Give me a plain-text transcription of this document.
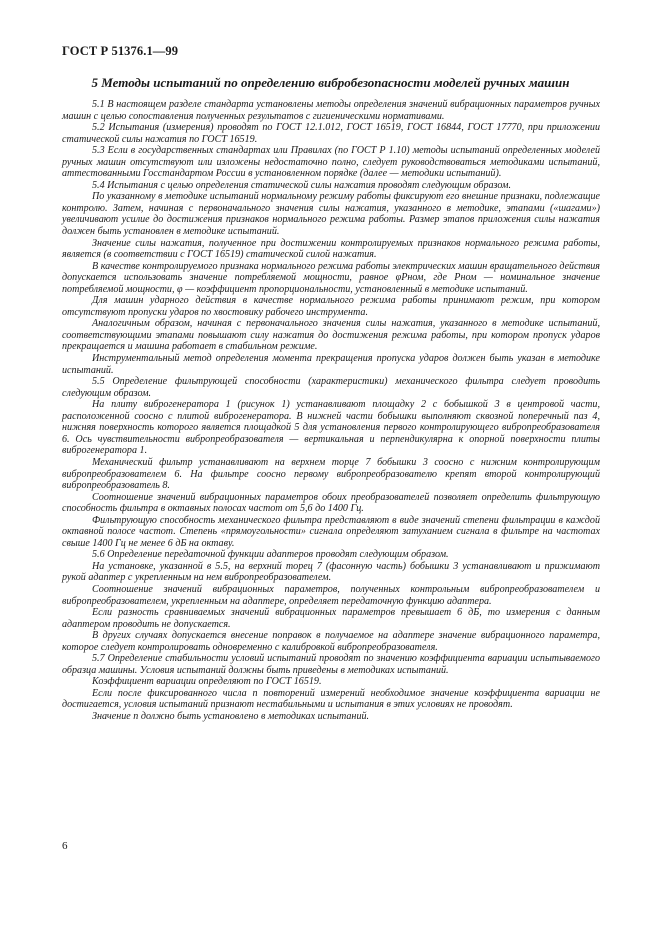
ГОСТ Р 51376.1—99
5 Методы испытаний по определению вибробезопасности моделей ручных машин

5.1 В настоящем разделе стандарта установлены методы определения значений вибрационных параметров ручных машин с целью сопоставления полученных результатов с гигиеническими нормативами.

5.2 Испытания (измерения) проводят по ГОСТ 12.1.012, ГОСТ 16519, ГОСТ 16844, ГОСТ 17770, при приложении статической силы нажатия по ГОСТ 16519.

5.3 Если в государственных стандартах или Правилах (по ГОСТ Р 1.10) методы испытаний определенных моделей ручных машин отсутствуют или изложены недостаточно полно, следует руководствоваться методиками испытаний, аттестованными Госстандартом России в установленном порядке (далее — методики испытаний).

5.4 Испытания с целью определения статической силы нажатия проводят следующим образом.

По указанному в методике испытаний нормальному режиму работы фиксируют его внешние признаки, подлежащие контролю. Затем, начиная с первоначального значения силы нажатия, указанного в методике, этапами («шагами») увеличивают усилие до достижения признаков нормального режима работы. Размер этапов приложения силы нажатия должен быть установлен в методике испытаний.

Значение силы нажатия, полученное при достижении контролируемых признаков нормального режима работы, является (в соответствии с ГОСТ 16519) статической силой нажатия.

В качестве контролируемого признака нормального режима работы электрических машин вращательного действия допускается использовать значение потребляемой мощности, равное φPном, где Pном — номинальное значение потребляемой мощности, φ — коэффициент пропорциональности, установленный в методике испытаний.

Для машин ударного действия в качестве нормального режима работы принимают режим, при котором отсутствуют пропуски ударов по хвостовику рабочего инструмента.

Аналогичным образом, начиная с первоначального значения силы нажатия, указанного в методике испытаний, соответствующими этапами повышают силу нажатия до достижения режима работы, при котором пропуск ударов прекращается и машина работает в стабильном режиме.

Инструментальный метод определения момента прекращения пропуска ударов должен быть указан в методике испытаний.

5.5 Определение фильтрующей способности (характеристики) механического фильтра следует проводить следующим образом.

На плиту виброгенератора 1 (рисунок 1) устанавливают площадку 2 с бобышкой 3 в центровой части, расположенной соосно с плитой виброгенератора. В нижней части бобышки выполняют сквозной поперечный паз 4, нижняя поверхность которого является площадкой 5 для установления первого контролирующего вибропреобразователя 6. Ось чувствительности вибропреобразователя — вертикальная и перпендикулярна к опорной поверхности плиты виброгенератора 1.

Механический фильтр устанавливают на верхнем торце 7 бобышки 3 соосно с нижним контролирующим вибропреобразователем 6. На фильтре соосно первому вибропреобразователю крепят второй контролирующий вибропреобразователь 8.

Соотношение значений вибрационных параметров обоих преобразователей позволяет определить фильтрующую способность фильтра в октавных полосах частот от 5,6 до 1400 Гц.

Фильтрующую способность механического фильтра представляют в виде значений степени фильтрации в каждой октавной полосе частот. Степень «прямоугольности» сигнала определяют затуханием сигнала в фильтре на частотах свыше 1400 Гц не менее 6 дБ на октаву.

5.6 Определение передаточной функции адаптеров проводят следующим образом.

На установке, указанной в 5.5, на верхний торец 7 (фасонную часть) бобышки 3 устанавливают и прижимают рукой адаптер с укрепленным на нем вибропреобразователем.

Соотношение значений вибрационных параметров, полученных контрольным вибропреобразователем и вибропреобразователем, укрепленным на адаптере, определяет передаточную функцию адаптера.

Если разность сравниваемых значений вибрационных параметров превышает 6 дБ, то измерения с данным адаптером проводить не допускается.

В других случаях допускается внесение поправок в получаемое на адаптере значение вибрационного параметра, которое следует контролировать одновременно с калибровкой вибропреобразователя.

5.7 Определение стабильности условий испытаний проводят по значению коэффициента вариации испытываемого образца машины. Условия испытаний должны быть приведены в методиках испытаний.

Коэффициент вариации определяют по ГОСТ 16519.

Если после фиксированного числа n повторений измерений необходимое значение коэффициента вариации не достигается, условия испытаний признают нестабильными и испытания в этих условиях не проводят.

Значение n должно быть установлено в методиках испытаний.

6
